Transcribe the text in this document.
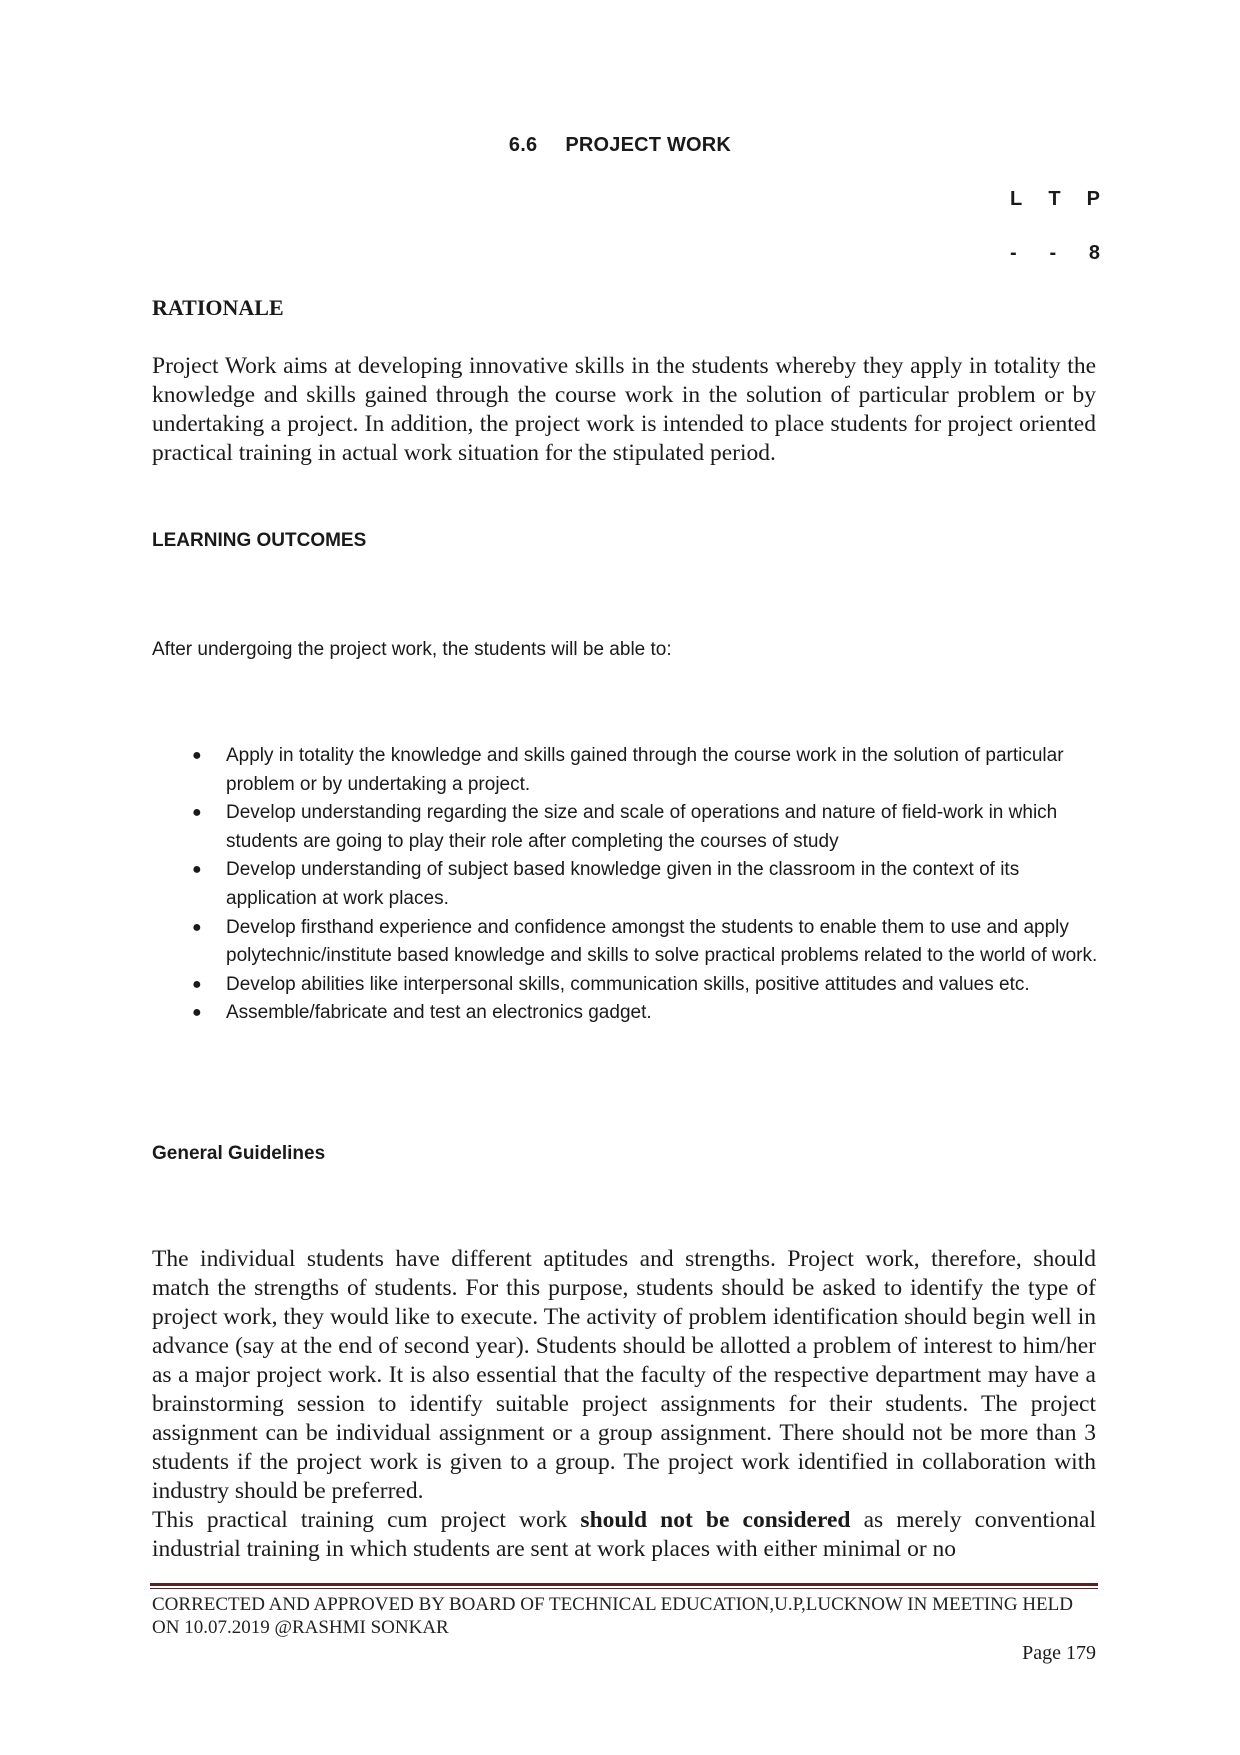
6.6 PROJECT WORK
L T P
- - 8
RATIONALE
Project Work aims at developing innovative skills in the students whereby they apply in totality the knowledge and skills gained through the course work in the solution of particular problem or by undertaking a project. In addition, the project work is intended to place students for project oriented practical training in actual work situation for the stipulated period.
LEARNING OUTCOMES
After undergoing the project work, the students will be able to:
● Apply in totality the knowledge and skills gained through the course work in the solution of particular problem or by undertaking a project.
● Develop understanding regarding the size and scale of operations and nature of field-work in which students are going to play their role after completing the courses of study
● Develop understanding of subject based knowledge given in the classroom in the context of its application at work places.
● Develop firsthand experience and confidence amongst the students to enable them to use and apply polytechnic/institute based knowledge and skills to solve practical problems related to the world of work.
● Develop abilities like interpersonal skills, communication skills, positive attitudes and values etc.
● Assemble/fabricate and test an electronics gadget.
General Guidelines
The individual students have different aptitudes and strengths. Project work, therefore, should match the strengths of students. For this purpose, students should be asked to identify the type of project work, they would like to execute. The activity of problem identification should begin well in advance (say at the end of second year). Students should be allotted a problem of interest to him/her as a major project work. It is also essential that the faculty of the respective department may have a brainstorming session to identify suitable project assignments for their students. The project assignment can be individual assignment or a group assignment. There should not be more than 3 students if the project work is given to a group. The project work identified in collaboration with industry should be preferred.
This practical training cum project work should not be considered as merely conventional industrial training in which students are sent at work places with either minimal or no
CORRECTED AND APPROVED BY BOARD OF TECHNICAL EDUCATION,U.P,LUCKNOW IN MEETING HELD ON 10.07.2019 @RASHMI SONKAR
Page 179
